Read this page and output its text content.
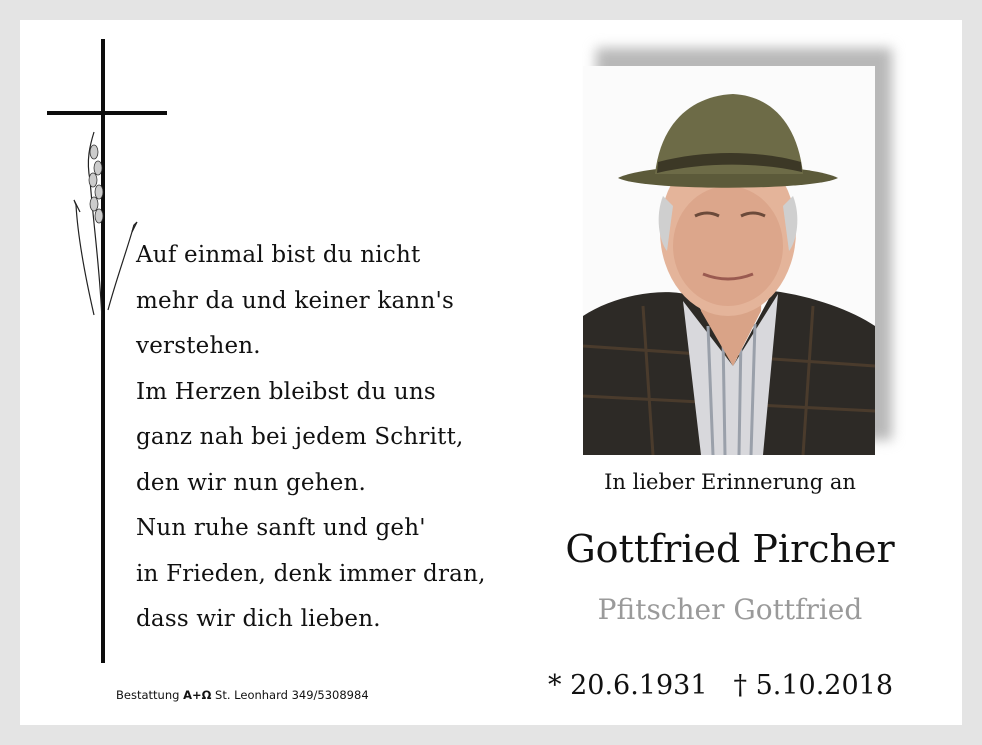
Auf einmal bist du nicht
mehr da und keiner kann's
verstehen.
Im Herzen bleibst du uns
ganz nah bei jedem Schritt,
den wir nun gehen.
Nun ruhe sanft und geh'
in Frieden, denk immer dran,
dass wir dich lieben.
In lieber Erinnerung an
Gottfried Pircher
Pfitscher Gottfried
* 20.6.1931 † 5.10.2018
Bestattung A+Ω St. Leonhard 349/5308984
